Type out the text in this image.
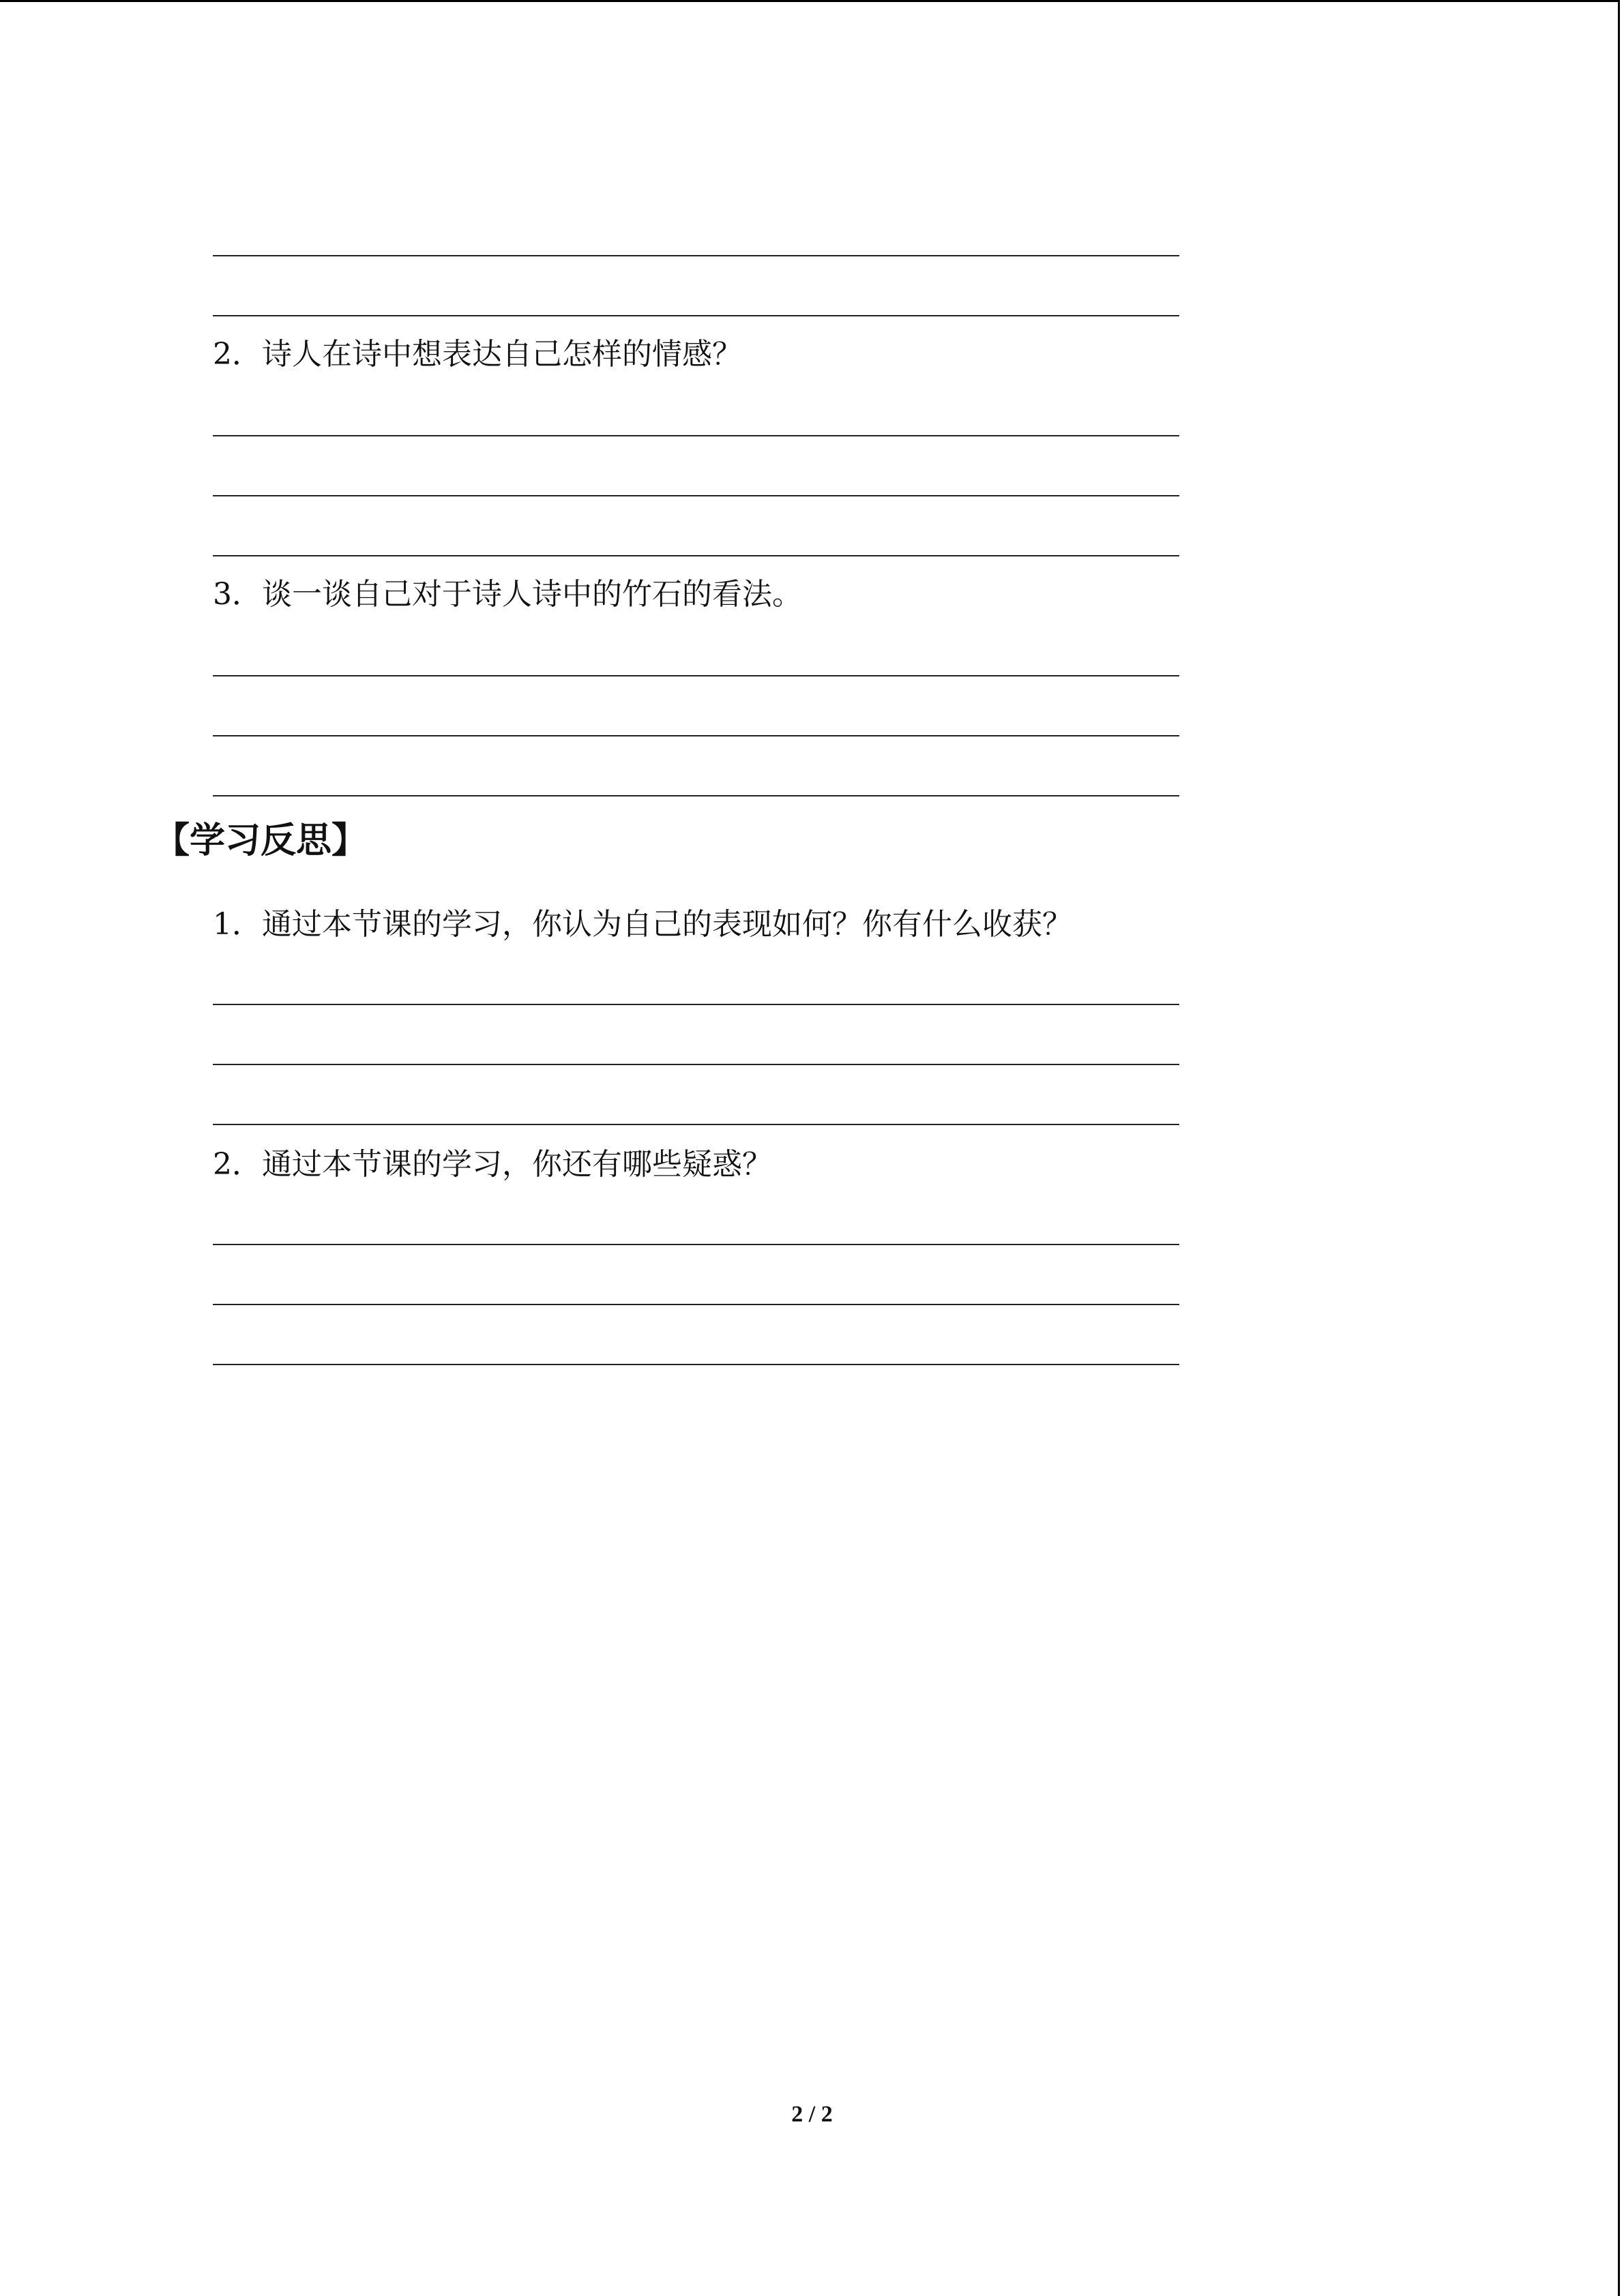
2．诗人在诗中想表达自己怎样的情感？
3．谈一谈自己对于诗人诗中的竹石的看法。
【学习反思】
1．通过本节课的学习，你认为自己的表现如何？你有什么收获？
2．通过本节课的学习，你还有哪些疑惑？
2 / 2
